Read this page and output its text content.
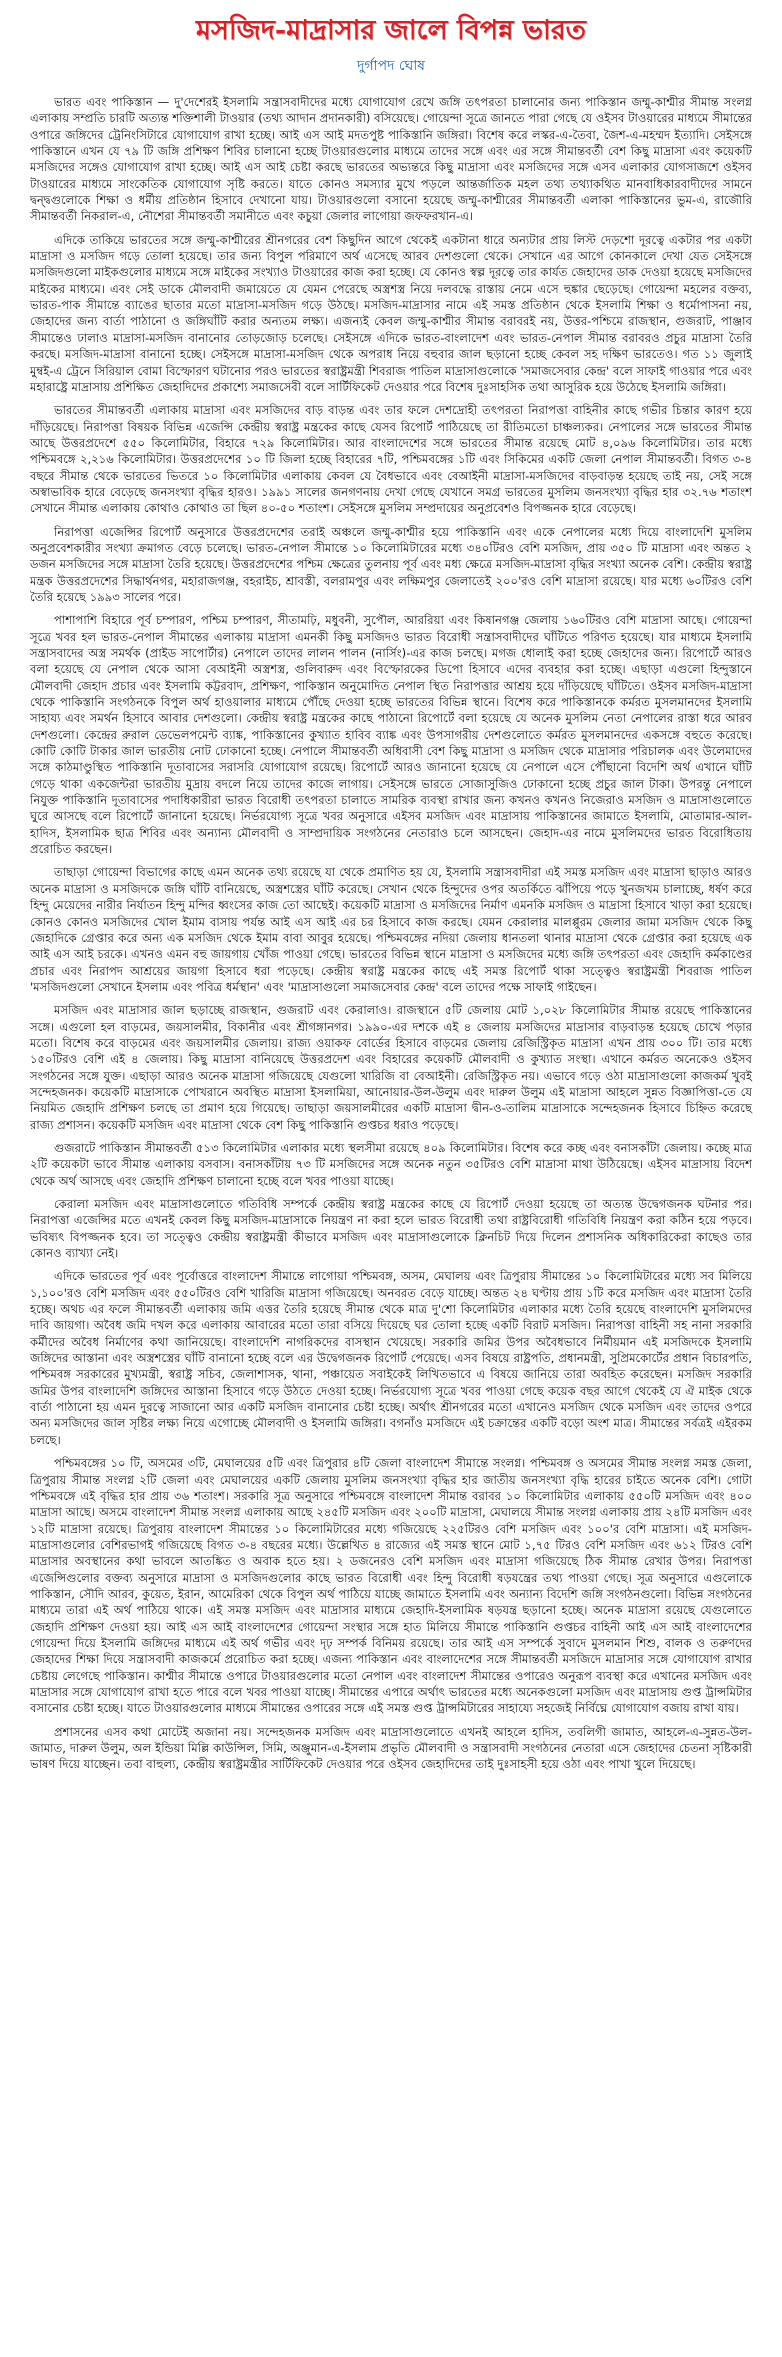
মসজিদ-মাদ্রাসার জালে বিপন্ন ভারত
দুর্গাপদ ঘোষ

ভারত এবং পাকিস্তান — দু'দেশেরই ইসলামি সন্ত্রাসবাদীদের মধ্যে যোগাযোগ রেখে জঙ্গি তৎপরতা চালানোর জন্য পাকিস্তান জম্মু-কাশ্মীর সীমান্ত সংলগ্ন এলাকায় সম্প্রতি চারটি অত্যন্ত শক্তিশালী টাওয়ার (তথ্য আদান প্রদানকারী) বসিয়েছে। গোয়েন্দা সূত্রে জানতে পারা গেছে যে ওইসব টাওয়ারের মাধ্যমে সীমান্তের ওপারে জঙ্গিদের ট্রেনিংসিটারে যোগাযোগ রাখা হচ্ছে। আই এস আই মদতপুষ্ট পাকিস্তানি জঙ্গিরা। বিশেষ করে লস্কর-এ-তৈবা, জৈশ-এ-মহম্মদ ইত্যাদি। সেইসঙ্গে পাকিস্তানে এখন যে ৭৯ টি জঙ্গি প্রশিক্ষণ শিবির চালানো হচ্ছে টাওয়ারগুলোর মাধ্যমে তাদের সঙ্গে এবং এর সঙ্গে সীমান্তবর্তী বেশ কিছু মাদ্রাসা এবং কয়েকটি মসজিদের সঙ্গেও যোগাযোগ রাখা হচ্ছে। আই এস আই চেষ্টা করছে ভারতের অভ্যন্তরে কিছু মাদ্রাসা এবং মসজিদের সঙ্গে এসব এলাকার যোগসাজশে ওইসব টাওয়ারের মাধ্যমে সাংকেতিক যোগাযোগ সৃষ্টি করতে। যাতে কোনও সমস্যার মুখে পড়লে আন্তর্জাতিক মহল তথ্য তথ্যাকথিত মানবাধিকারবাদীদের সামনে দ্বন্দ্বগুলোকে শিক্ষা ও ধর্মীয় প্রতিষ্ঠান হিসাবে দেখানো যায়। টাওয়ারগুলো বসানো হয়েছে জম্মু-কাশ্মীরের সীমান্তবর্তী এলাকা পাকিস্তানের ভুম-এ, রাজৌরি সীমান্তবর্তী নিকরাল-এ, নৌশেরা সীমান্তবর্তী সমানীতে এবং কচুয়া জেলার লাগোয়া জফফরখান-এ।

এদিকে তাকিয়ে ভারতের সঙ্গে জম্মু-কাশ্মীরের শ্রীনগরের বেশ কিছুদিন আগে থেকেই একটানা ধারে অন্যটার প্রায় লিস্ট দেড়শো দূরত্বে একটার পর একটা মাদ্রাসা ও মসজিদ গড়ে তোলা হয়েছে। তার জন্য বিপুল পরিমাণে অর্থ এসেছে আরব দেশগুলো থেকে। সেখানে এর আগে কোনকালে দেখা যেত সেইসঙ্গে মসজিদগুলো মাইকগুলোর মাধ্যমে সঙ্গে মাইকের সংখ্যাও টাওয়ারের কাজ করা হচ্ছে। যে কোনও স্বল্প দূরত্বে তার কার্যত জেহাদের ডাক দেওয়া হয়েছে মসজিদের মাইকের মাধ্যমে। এবং সেই ডাকে মৌলবাদী জমায়েতে যে যেমন পেরেছে অস্ত্রশস্ত্র নিয়ে দলবদ্ধে রাস্তায় নেমে এসে হুঙ্কার ছেড়েছে। গোয়েন্দা মহলের বক্তব্য, ভারত-পাক সীমান্তে ব্যাঙের ছাতার মতো মাদ্রাসা-মসজিদ গড়ে উঠছে। মসজিদ-মাদ্রাসার নামে এই সমস্ত প্রতিষ্ঠান থেকে ইসলামি শিক্ষা ও ধর্মোপাসনা নয়, জেহাদের জন্য বার্তা পাঠানো ও জঙ্গিঘাঁটি করার অন্যতম লক্ষ্য। এজন্যই কেবল জম্মু-কাশ্মীর সীমান্ত বরাবরই নয়, উত্তর-পশ্চিমে রাজস্থান, গুজরাট, পাঞ্জাব সীমান্তেও ঢালাও মাদ্রাসা-মসজিদ বানানোর তোড়জোড় চলেছে। সেইসঙ্গে এদিকে ভারত-বাংলাদেশ এবং ভারত-নেপাল সীমান্ত বরাবরও প্রচুর মাদ্রাসা তৈরি করছে। মসজিদ-মাদ্রাসা বানানো হচ্ছে। সেইসঙ্গে মাদ্রাসা-মসজিদ থেকে অপরাধ নিয়ে বহুবার জাল ছড়ানো হচ্ছে কেবল সহ দক্ষিণ ভারতেও। গত ১১ জুলাই মুম্বই-এ ট্রেনে সিরিয়াল বোমা বিস্ফোরণ ঘটানোর পরও ভারতের স্বরাষ্ট্রমন্ত্রী শিবরাজ পাতিল মাদ্রাসাগুলোকে 'সমাজসেবার কেন্দ্র' বলে সাফাই গাওয়ার পরে এবং মহারাষ্ট্রে মাদ্রাসায় প্রশিক্ষিত জেহাদিদের প্রকাশ্যে সমাজসেবী বলে সার্টিফিকেট দেওয়ার পরে বিশেষ দুঃসাহসিক তথা আসুরিক হয়ে উঠেছে ইসলামি জঙ্গিরা।

ভারতের সীমান্তবর্তী এলাকায় মাদ্রাসা এবং মসজিদের বাড় বাড়ন্ত এবং তার ফলে দেশদ্রোহী তৎপরতা নিরাপত্তা বাহিনীর কাছে গভীর চিন্তার কারণ হয়ে দাঁড়িয়েছে। নিরাপত্তা বিষয়ক বিভিন্ন এজেন্সি কেন্দ্রীয় স্বরাষ্ট্র মন্ত্রকের কাছে যেসব রিপোর্ট পাঠিয়েছে তা রীতিমতো চাঞ্চল্যকর। নেপালের সঙ্গে ভারতের সীমান্ত আছে উত্তরপ্রদেশে ৫৫০ কিলোমিটার, বিহারে ৭২৯ কিলোমিটার। আর বাংলাদেশের সঙ্গে ভারতের সীমান্ত রয়েছে মোট ৪,০৯৬ কিলোমিটার। তার মধ্যে পশ্চিমবঙ্গে ২,২১৬ কিলোমিটার। উত্তরপ্রদেশের ১০ টি জিলা হচ্ছে বিহারের ৭টি, পশ্চিমবঙ্গের ১টি এবং সিকিমের একটি জেলা নেপাল সীমান্তবর্তী। বিগত ৩-৪ বছরে সীমান্ত থেকে ভারতের ভিতরে ১০ কিলোমিটার এলাকায় কেবল যে বৈধভাবে এবং বেআইনী মাদ্রাসা-মসজিদের বাড়বাড়ন্ত হয়েছে তাই নয়, সেই সঙ্গে অস্বাভাবিক হারে বেড়েছে জনসংখ্যা বৃদ্ধির হারও। ১৯৯১ সালের জনগণনায় দেখা গেছে যেখানে সমগ্র ভারতের মুসলিম জনসংখ্যা বৃদ্ধির হার ৩২.৭৬ শতাংশ সেখানে সীমান্ত এলাকায় কোথাও কোথাও তা ছিল ৪০-৫০ শতাংশ। সেইসঙ্গে মুসলিম সম্প্রদায়ের অনুপ্রবেশও বিপজ্জনক হারে বেড়েছে।

নিরাপত্তা এজেন্সির রিপোর্ট অনুসারে উত্তরপ্রদেশের তরাই অঞ্চলে জম্মু-কাশ্মীর হয়ে পাকিস্তানি এবং একে নেপালের মধ্যে দিয়ে বাংলাদেশি মুসলিম অনুপ্রবেশকারীর সংখ্যা ক্রমাগত বেড়ে চলেছে। ভারত-নেপাল সীমান্তে ১০ কিলোমিটারের মধ্যে ৩৪০টিরও বেশি মসজিদ, প্রায় ৩৫০ টি মাদ্রাসা এবং অন্তত ২ ডজন মসজিদের সঙ্গে মাদ্রাসা তৈরি হয়েছে। উত্তরপ্রদেশের পশ্চিম ক্ষেত্রের তুলনায় পূর্ব এবং মধ্য ক্ষেত্রে মসজিদ-মাদ্রাসা বৃদ্ধির সংখ্যা অনেক বেশি। কেন্দ্রীয় স্বরাষ্ট্র মন্ত্রক উত্তরপ্রদেশের সিদ্ধার্থনগর, মহারাজগঞ্জ, বহরাইচ, শ্রাবস্তী, বলরামপুর এবং লক্ষিমপুর জেলাতেই ২০০'রও বেশি মাদ্রাসা রয়েছে। যার মধ্যে ৬০টিরও বেশি তৈরি হয়েছে ১৯৯৩ সালের পরে।

পাশাপাশি বিহারে পূর্ব চম্পারণ, পশ্চিম চম্পারণ, সীতামঢ়ি, মধুবনী, সুপৌল, আররিয়া এবং কিষানগঞ্জ জেলায় ১৬০টিরও বেশি মাদ্রাসা আছে। গোয়েন্দা সূত্রে খবর হল ভারত-নেপাল সীমান্তের এলাকায় মাদ্রাসা এমনকী কিছু মসজিদও ভারত বিরোধী সন্ত্রাসবাদীদের ঘাঁটিতে পরিণত হয়েছে। যার মাধ্যমে ইসলামি সন্ত্রাসবাদের অস্ত্র সমর্থক (প্রাইড সাপোর্টার) নেপালে তাদের লালন পালন (নার্সিং)-এর কাজ চলছে। মগজ ধোলাই করা হচ্ছে জেহাদের জন্য। রিপোর্টে আরও বলা হয়েছে যে নেপাল থেকে আসা বেআইনী অস্ত্রশস্ত্র, গুলিবারুদ এবং বিস্ফোরকের ডিপো হিসাবে এদের ব্যবহার করা হচ্ছে। এছাড়া এগুলো হিন্দুস্তানে মৌলবাদী জেহাদ প্রচার এবং ইসলামি কট্টরবাদ, প্রশিক্ষণ, পাকিস্তান অনুমোদিত নেপাল স্থিত নিরাপত্তার আশ্রয় হয়ে দাঁড়িয়েছে ঘাঁটিতে। ওইসব মসজিদ-মাদ্রাসা থেকে পাকিস্তানি সংগঠনকে বিপুল অর্থ হাওয়ালার মাধ্যমে পৌঁছে দেওয়া হচ্ছে ভারতের বিভিন্ন স্থানে। বিশেষ করে পাকিস্তানকে কর্মরত মুসলমানদের ইসলামি সাহায্য এবং সমর্থন হিসাবে আবার দেশগুলো। কেন্দ্রীয় স্বরাষ্ট্র মন্ত্রকের কাছে পাঠানো রিপোর্টে বলা হয়েছে যে অনেক মুসলিম নেতা নেপালের রাস্তা ধরে আরব দেশগুলো। কেন্দ্রের রুরাল ডেভেলপমেন্ট ব্যাঙ্ক, পাকিস্তানের কুখ্যাত হাবিব ব্যাঙ্ক এবং উপসাগরীয় দেশগুলোতে কর্মরত মুসলমানদের একসঙ্গে বহুতে করেছে। কোটি কোটি টাকার জাল ভারতীয় নোট ঢোকানো হচ্ছে। নেপালে সীমান্তবর্তী অধিবাসী বেশ কিছু মাদ্রাসা ও মসজিদ থেকে মাদ্রাসার পরিচালক এবং উলেমাদের সঙ্গে কাঠমাণ্ডুস্থিত পাকিস্তানি দূতাবাসের সরাসরি যোগাযোগ রয়েছে। রিপোর্টে আরও জানানো হয়েছে যে নেপালে এসে পৌঁছানো বিদেশি অর্থ এখানে ঘাঁটি গেড়ে থাকা একজেন্টরা ভারতীয় মুদ্রায় বদলে নিয়ে তাদের কাজে লাগায়। সেইসঙ্গে ভারতে সোজাসুজিও ঢোকানো হচ্ছে প্রচুর জাল টাকা। উপরন্তু নেপালে নিযুক্ত পাকিস্তানি দূতাবাসের পদাধিকারীরা ভারত বিরোধী তৎপরতা চালাতে সামরিক ব্যবস্থা রাখার জন্য কখনও কখনও নিজেরাও মসজিদ ও মাদ্রাসাগুলোতে ঘুরে আসছে বলে রিপোর্টে জানানো হয়েছে। নির্ভরযোগ্য সূত্রে খবর অনুসারে এইসব মসজিদ এবং মাদ্রাসায় পাকিস্তানের জামাতে ইসলামি, মোতামার-আল-হাদিস, ইসলামিক ছাত্র শিবির এবং অন্যান্য মৌলবাদী ও সাম্প্রদায়িক সংগঠনের নেতারাও চলে আসছেন। জেহাদ-এর নামে মুসলিমদের ভারত বিরোধিতায় প্ররোচিত করছেন।

তাছাড়া গোয়েন্দা বিভাগের কাছে এমন অনেক তথ্য রয়েছে যা থেকে প্রমাণিত হয় যে, ইসলামি সন্ত্রাসবাদীরা এই সমস্ত মসজিদ এবং মাদ্রাসা ছাড়াও আরও অনেক মাদ্রাসা ও মসজিদকে জঙ্গি ঘাঁটি বানিয়েছে, অস্ত্রশস্ত্রের ঘাঁটি করেছে। সেখান থেকে হিন্দুদের ওপর অতর্কিতে ঝাঁপিয়ে পড়ে খুনজখম চালাচ্ছে, ধর্ষণ করে হিন্দু মেয়েদের নারীর নির্যাতন হিন্দু মন্দির ধ্বংসের কাজ তো আছেই। কয়েকটি মাদ্রাসা ও মসজিদের নির্মাণ এমনকি মসজিদ ও মাদ্রাসা হিসাবে খাড়া করা হয়েছে। কোনও কোনও মসজিদের খোল ইমাম বাসায় পর্যন্ত আই এস আই এর চর হিসাবে কাজ করছে। যেমন কেরালার মালপ্পুরম জেলার জামা মসজিদ থেকে কিছু জেহাদিকে গ্রেপ্তার করে অন্য এক মসজিদ থেকে ইমাম বাবা আবুর হয়েছে। পশ্চিমবঙ্গের নদিয়া জেলায় ধানতলা থানার মাদ্রাসা থেকে গ্রেপ্তার করা হয়েছে এক আই এস আই চরকে। এখনও এমন বহু জায়গায় খোঁজ পাওয়া গেছে। ভারতের বিভিন্ন স্থানে মাদ্রাসা ও মসজিদের মধ্যে জঙ্গি তৎপরতা এবং জেহাদি কর্মকাণ্ডের প্রচার এবং নিরাপদ আশ্রয়ের জায়গা হিসাবে ধরা পড়েছে। কেন্দ্রীয় স্বরাষ্ট্র মন্ত্রকের কাছে এই সমস্ত রিপোর্ট থাকা সত্ত্বেও স্বরাষ্ট্রমন্ত্রী শিবরাজ পাতিল 'মসজিদগুলো সেখানে ইসলাম এবং পবিত্র ধর্মস্থান' এবং 'মাদ্রাসাগুলো সমাজসেবার কেন্দ্র' বলে তাদের পক্ষে সাফাই গাইছেন।

মসজিদ এবং মাদ্রাসার জাল ছড়াচ্ছে রাজস্থান, গুজরাট এবং কেরালাও। রাজস্থানে ৫টি জেলায় মোট ১,০২৮ কিলোমিটার সীমান্ত রয়েছে পাকিস্তানের সঙ্গে। এগুলো হল বাড়মের, জয়সালমীর, বিকানীর এবং শ্রীগঙ্গানগর। ১৯৯০-এর দশকে এই ৪ জেলায় মসজিদের মাদ্রাসার বাড়বাড়ন্ত হয়েছে চোখে পড়ার মতো। বিশেষ করে বাড়মের এবং জয়সালমীর জেলায়। রাজ্য ওয়াকফ বোর্ডের হিসাবে বাড়মের জেলায় রেজিস্ট্রিকৃত মাদ্রাসা এখন প্রায় ৩০০ টি। তার মধ্যে ১৫০টিরও বেশি এই ৪ জেলায়। কিছু মাদ্রাসা বানিয়েছে উত্তরপ্রদেশ এবং বিহারের কয়েকটি মৌলবাদী ও কুখ্যাত সংস্থা। এখানে কর্মরত অনেকেও ওইসব সংগঠনের সঙ্গে যুক্ত। এছাড়া আরও অনেক মাদ্রাসা গজিয়েছে যেগুলো খারিজি বা বেআইনী। রেজিস্ট্রিকৃত নয়। এভাবে গড়ে ওঠা মাদ্রাসাগুলো কাজকর্ম খুবই সন্দেহজনক। কয়েকটি মাদ্রাসাকে পোখরানে অবস্থিত মাদ্রাসা ইসলামিয়া, আনোয়ার-উল-উলুম এবং দারুল উলুম এই মাদ্রাসা আহলে সুন্নত বিজ্ঞাপিত্তা-তে যে নিয়মিত জেহাদি প্রশিক্ষণ চলছে তা প্রমাণ হয়ে গিয়েছে। তাছাড়া জয়সালমীরের একটি মাদ্রাসা দ্বীন-ও-তালিম মাদ্রাসাকে সন্দেহজনক হিসাবে চিহ্নিত করেছে রাজ্য প্রশাসন। কয়েকটি মসজিদ এবং মাদ্রাসা থেকে বেশ কিছু পাকিস্তানি গুপ্তচর ধরাও পড়েছে।

গুজরাটে পাকিস্তান সীমান্তবর্তী ৫১৩ কিলোমিটার এলাকার মধ্যে স্থলসীমা রয়েছে ৪০৯ কিলোমিটার। বিশেষ করে কচ্ছ এবং বনাসকাঁটা জেলায়। কচ্ছে মাত্র ২টি কয়েকটা ভাবে সীমান্ত এলাকায় বসবাস। বনাসকাঁটায় ৭৩ টি মসজিদের সঙ্গে অনেক নতুন ৩৫টিরও বেশি মাদ্রাসা মাথা উঠিয়েছে। এইসব মাদ্রাসায় বিদেশ থেকে অর্থ আসছে এবং জেহাদি প্রশিক্ষণ চালানো হচ্ছে বলে খবর পাওয়া যাচ্ছে।

কেরালা মসজিদ এবং মাদ্রাসাগুলোতে গতিবিধি সম্পর্কে কেন্দ্রীয় স্বরাষ্ট্র মন্ত্রকের কাছে যে রিপোর্ট দেওয়া হয়েছে তা অত্যন্ত উদ্বেগজনক ঘটনার পর। নিরাপত্তা এজেন্সির মতে এখনই কেবল কিছু মসজিদ-মাদ্রাসাকে নিয়ন্ত্রণ না করা হলে ভারত বিরোধী তথা রাষ্ট্রবিরোধী গতিবিধি নিয়ন্ত্রণ করা কঠিন হয়ে পড়বে। ভবিষ্যৎ বিপজ্জনক হবে। তা সত্ত্বেও কেন্দ্রীয় স্বরাষ্ট্রমন্ত্রী কীভাবে মসজিদ এবং মাদ্রাসাগুলোকে ক্লিনচিট দিয়ে দিলেন প্রশাসনিক অধিকারিকেরা কাছেও তার কোনও ব্যাখ্যা নেই।

এদিকে ভারতের পূর্ব এবং পূর্বোত্তরে বাংলাদেশ সীমান্তে লাগোয়া পশ্চিমবঙ্গ, অসম, মেঘালয় এবং ত্রিপুরায় সীমান্তের ১০ কিলোমিটারের মধ্যে সব মিলিয়ে ১,১০০'রও বেশি মসজিদ এবং ৫৫০টিরও বেশি খারিজি মাদ্রাসা গজিয়েছে। অনবরত বেড়ে যাচ্ছে। অন্তত ২৪ ঘণ্টায় প্রায় ১টি করে মসজিদ এবং মাদ্রাসা তৈরি হচ্ছে। অথচ এর ফলে সীমান্তবর্তী এলাকায় জমি এত্তর তৈরি হয়েছে সীমান্ত থেকে মাত্র দু'শো কিলোমিটার এলাকার মধ্যে তৈরি হয়েছে বাংলাদেশি মুসলিমদের দাবি জায়গা। অবৈধ জমি দখল করে এলাকায় আবারের মতো তারা বসিয়ে দিয়েছে ঘর তোলা হচ্ছে একটি বিরাট মসজিদ। নিরাপত্তা বাহিনী সহ নানা সরকারি কর্মীদের অবৈধ নির্মাণের কথা জানিয়েছে। বাংলাদেশি নাগরিকদের বাসস্থান খেয়েছে। সরকারি জমির উপর অবৈধভাবে নির্মীয়মান এই মসজিদকে ইসলামি জঙ্গিদের আস্তানা এবং অস্ত্রশস্ত্রের ঘাঁটি বানানো হচ্ছে বলে এর উদ্বেগজনক রিপোর্ট পেয়েছে। এসব বিষয়ে রাষ্ট্রপতি, প্রধানমন্ত্রী, সুপ্রিমকোর্টের প্রধান বিচারপতি, পশ্চিমবঙ্গ সরকারের মুখ্যমন্ত্রী, স্বরাষ্ট্র সচিব, জেলাশাসক, থানা, পঞ্চায়েত সবাইকেই লিখিতভাবে এ বিষয়ে জানিয়ে তারা অবহিত করেছেন। মসজিদ সরকারি জমির উপর বাংলাদেশি জঙ্গিদের আস্তানা হিসাবে গড়ে উঠতে দেওয়া হচ্ছে। নির্ভরযোগ্য সূত্রে খবর পাওয়া গেছে কয়েক বছর আগে থেকেই যে ঐ মাইক থেকে বার্তা পাঠানো হয় এমন দুরত্বে সাজানো আর একটি মসজিদ বানানোর চেষ্টা হচ্ছে। অর্থাৎ শ্রীনগরের মতো এখানেও মসজিদ থেকে মসজিদ এবং তাদের ওপরে অন্য মসজিদের জাল সৃষ্টির লক্ষ্য নিয়ে এগোচ্ছে মৌলবাদী ও ইসলামি জঙ্গিরা। বগনাঁও মসজিদে এই চক্রান্তের একটি বড়ো অংশ মাত্র। সীমান্তের সর্বত্রই এইরকম চলছে।

পশ্চিমবঙ্গের ১০ টি, অসমের ৩টি, মেঘালয়ের ৫টি এবং ত্রিপুরার ৪টি জেলা বাংলাদেশ সীমান্তে সংলগ্ন। পশ্চিমবঙ্গ ও অসমের সীমান্ত সংলগ্ন সমস্ত জেলা, ত্রিপুরায় সীমান্ত সংলগ্ন ২টি জেলা এবং মেঘালয়ের একটি জেলায় মুসলিম জনসংখ্যা বৃদ্ধির হার জাতীয় জনসংখ্যা বৃদ্ধি হারের চাইতে অনেক বেশি। গোটা পশ্চিমবঙ্গে এই বৃদ্ধির হার প্রায় ৩৬ শতাংশ। সরকারি সূত্র অনুসারে পশ্চিমবঙ্গে বাংলাদেশ সীমান্ত বরাবর ১০ কিলোমিটার এলাকায় ৫৫০টি মসজিদ এবং ৪০০ মাদ্রাসা আছে। অসমে বাংলাদেশ সীমান্ত সংলগ্ন এলাকায় আছে ২৪৫টি মসজিদ এবং ২০০টি মাদ্রাসা, মেঘালয়ে সীমান্ত সংলগ্ন এলাকায় প্রায় ২৪টি মসজিদ এবং ১২টি মাদ্রাসা রয়েছে। ত্রিপুরায় বাংলাদেশ সীমান্তের ১০ কিলোমিটারের মধ্যে গজিয়েছে ২২৫টিরও বেশি মসজিদ এবং ১০০'র বেশি মাদ্রাসা। এই মসজিদ-মাদ্রাসাগুলোর বেশিরভাগই গজিয়েছে বিগত ৩-৪ বছরের মধ্যে। উল্লেখিত ৪ রাজ্যের এই সমস্ত স্থানে মোট ১,৭৫ টিরও বেশি মসজিদ এবং ৬১২ টিরও বেশি মাদ্রাসার অবস্থানের কথা ভাবলে আতঙ্কিত ও অবাক হতে হয়। ২ ডজনেরও বেশি মসজিদ এবং মাদ্রাসা গজিয়েছে ঠিক সীমান্ত রেখার উপর। নিরাপত্তা এজেন্সিগুলোর বক্তব্য অনুসারে মাদ্রাসা ও মসজিদগুলোর কাছে ভারত বিরোধী এবং হিন্দু বিরোধী ষড়যন্ত্রের তথ্য পাওয়া গেছে। সূত্র অনুসারে এগুলোকে পাকিস্তান, সৌদি আরব, কুয়েত, ইরান, আমেরিকা থেকে বিপুল অর্থ পাঠিয়ে যাচ্ছে জামাতে ইসলামি এবং অন্যান্য বিদেশি জঙ্গি সংগঠনগুলো। বিভিন্ন সংগঠনের মাধ্যমে তারা এই অর্থ পাঠিয়ে থাকে। এই সমস্ত মসজিদ এবং মাদ্রাসার মাধ্যমে জেহাদি-ইসলামিক ষড়যন্ত্র ছড়ানো হচ্ছে। অনেক মাদ্রাসা রয়েছে যেগুলোতে জেহাদি প্রশিক্ষণ দেওয়া হয়। আই এস আই বাংলাদেশের গোয়েন্দা সংস্থার সঙ্গে হাত মিলিয়ে সীমান্তে পাকিস্তানি গুপ্তচর বাহিনী আই এস আই বাংলাদেশের গোয়েন্দা দিয়ে ইসলামি জঙ্গিদের মাধ্যমে এই অর্থ গভীর এবং দৃঢ় সম্পর্ক বিনিময় রয়েছে। তার আই এস সম্পর্কে সুবাদে মুসলমান শিশু, বালক ও তরুণদের জেহাদের শিক্ষা দিয়ে সন্ত্রাসবাদী কাজকর্মে প্ররোচিত করা হচ্ছে। এজন্য পাকিস্তান এবং বাংলাদেশের সঙ্গে সীমান্তবর্তী মসজিদে মাদ্রাসার সঙ্গে যোগাযোগ রাখার চেষ্টায় লেগেছে পাকিস্তান। কাশ্মীর সীমান্তে ওপারে টাওয়ারগুলোর মতো নেপাল এবং বাংলাদেশ সীমান্তের ওপারেও অনুরূপ ব্যবস্থা করে এখানের মসজিদ এবং মাদ্রাসার সঙ্গে যোগাযোগ রাখা হতে পারে বলে খবর পাওয়া যাচ্ছে। সীমান্তের এপারে অর্থাৎ ভারতের মধ্যে অনেকগুলো মসজিদ এবং মাদ্রাসায় গুপ্ত ট্রান্সমিটার বসানোর চেষ্টা হচ্ছে। যাতে টাওয়ারগুলোর মাধ্যমে সীমান্তের ওপারের সঙ্গে এই সমস্ত গুপ্ত ট্রান্সমিটারের সাহায্যে সহজেই নির্বিঘ্নে যোগাযোগ বজায় রাখা যায়।

প্রশাসনের এসব কথা মোটেই অজানা নয়। সন্দেহজনক মসজিদ এবং মাদ্রাসাগুলোতে এখনই আহলে হাদিস, তবলিগী জামাত, আহলে-এ-সুন্নত-উল-জামাত, দারুল উলুম, অল ইন্ডিয়া মিল্লি কাউন্সিল, সিমি, অঞ্জুমান-এ-ইসলাম প্রভৃতি মৌলবাদী ও সন্ত্রাসবাদী সংগঠনের নেতারা এসে জেহাদের চেতনা সৃষ্টিকারী ভাষণ দিয়ে যাচ্ছেন। তবা বাহুল্য, কেন্দ্রীয় স্বরাষ্ট্রমন্ত্রীর সার্টিফিকেট দেওয়ার পরে ওইসব জেহাদিদের তাই দুঃসাহসী হয়ে ওঠা এবং পাখা খুলে দিয়েছে।
